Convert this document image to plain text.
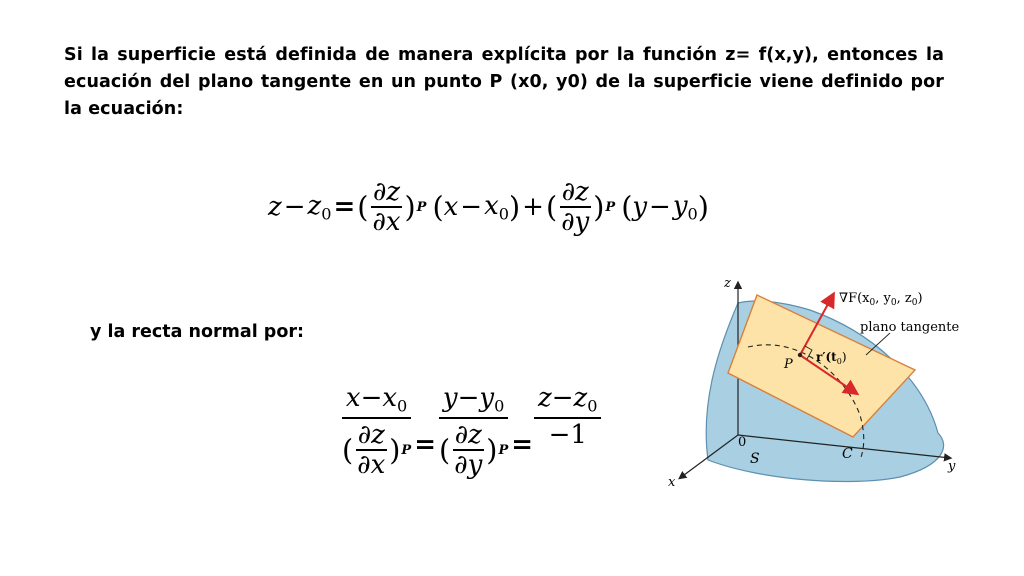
Si la superficie está definida de manera explícita por la función z= f(x,y), entonces la ecuación del plano tangente en un punto P (x0, y0) de la superficie viene definido por la ecuación:
$z - z_0$ = ( $\frac{\partial z}{\partial x}$ ) P ( $x - x_0$ ) + ( $\frac{\partial z}{\partial y}$ ) P ( $y - y_0$ )
y la recta normal por:
$\frac{x-x_0}{( \frac{\partial z}{\partial x} ) P} = \frac{y-y_0}{( \frac{\partial z}{\partial y} ) P} = \frac{z-z_0}{-1}$
z
y
x
0
$\nabla F(x_0$, $y_0$, $z_0$)
plano tangente
$r'(t_0)$
P
S	C
